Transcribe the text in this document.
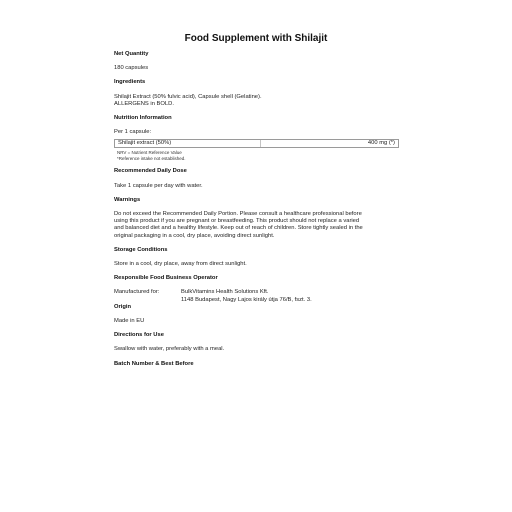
Food Supplement with Shilajit
Net Quantity
180 capsules
Ingredients
Shilajit Extract (50% fulvic acid), Capsule shell (Gelatine).
ALLERGENS in BOLD.
Nutrition Information
Per 1 capsule:
Shilajit extract (50%)	400 mg (*)
NRV = Nutrient Reference Value
*Reference intake not established.
Recommended Daily Dose
Take 1 capsule per day with water.
Warnings
Do not exceed the Recommended Daily Portion. Please consult a healthcare professional before
using this product if you are pregnant or breastfeeding. This product should not replace a varied
and balanced diet and a healthy lifestyle. Keep out of reach of children. Store tightly sealed in the
original packaging in a cool, dry place, avoiding direct sunlight.
Storage Conditions
Store in a cool, dry place, away from direct sunlight.
Responsible Food Business Operator
Manufactured for:	BulkVitamins Health Solutions Kft.
1148 Budapest, Nagy Lajos király útja 76/B, fszt. 3.
Origin
Made in EU
Directions for Use
Swallow with water, preferably with a meal.
Batch Number & Best Before
